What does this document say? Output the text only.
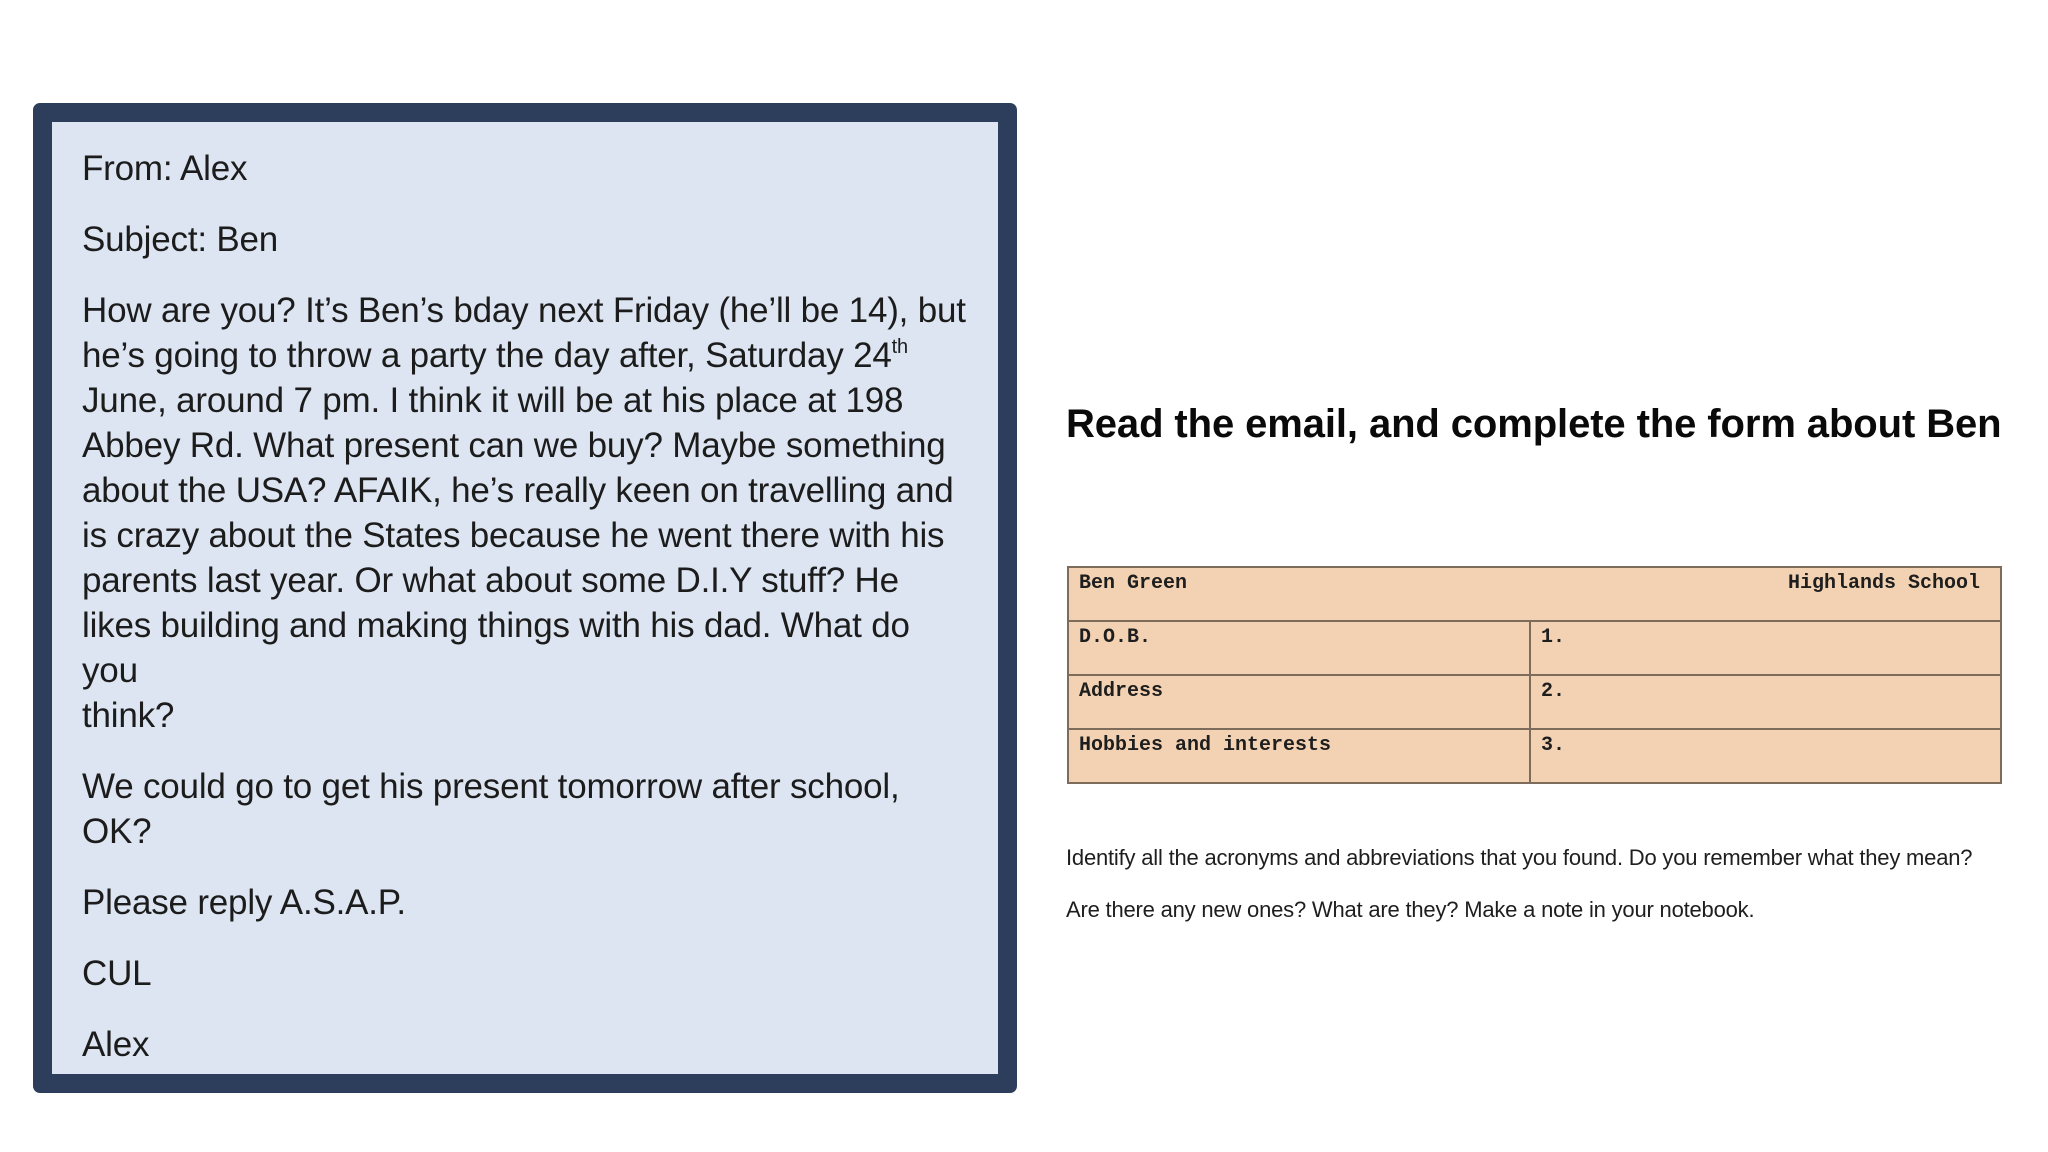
From: Alex

Subject: Ben

How are you? It’s Ben’s bday next Friday (he’ll be 14), but
he’s going to throw a party the day after, Saturday 24th
June, around 7 pm. I think it will be at his place at 198
Abbey Rd. What present can we buy? Maybe something
about the USA? AFAIK, he’s really keen on travelling and
is crazy about the States because he went there with his
parents last year. Or what about some D.I.Y stuff? He
likes building and making things with his dad. What do you
think?

We could go to get his present tomorrow after school,
OK?

Please reply A.S.A.P.

CUL

Alex

Read the email, and complete the form about Ben
Ben Green Highlands School	

D.O.B.	1.
Address	2.
Hobbies and interests	3.

Identify all the acronyms and abbreviations that you found. Do you remember what they mean?

Are there any new ones? What are they? Make a note in your notebook.
